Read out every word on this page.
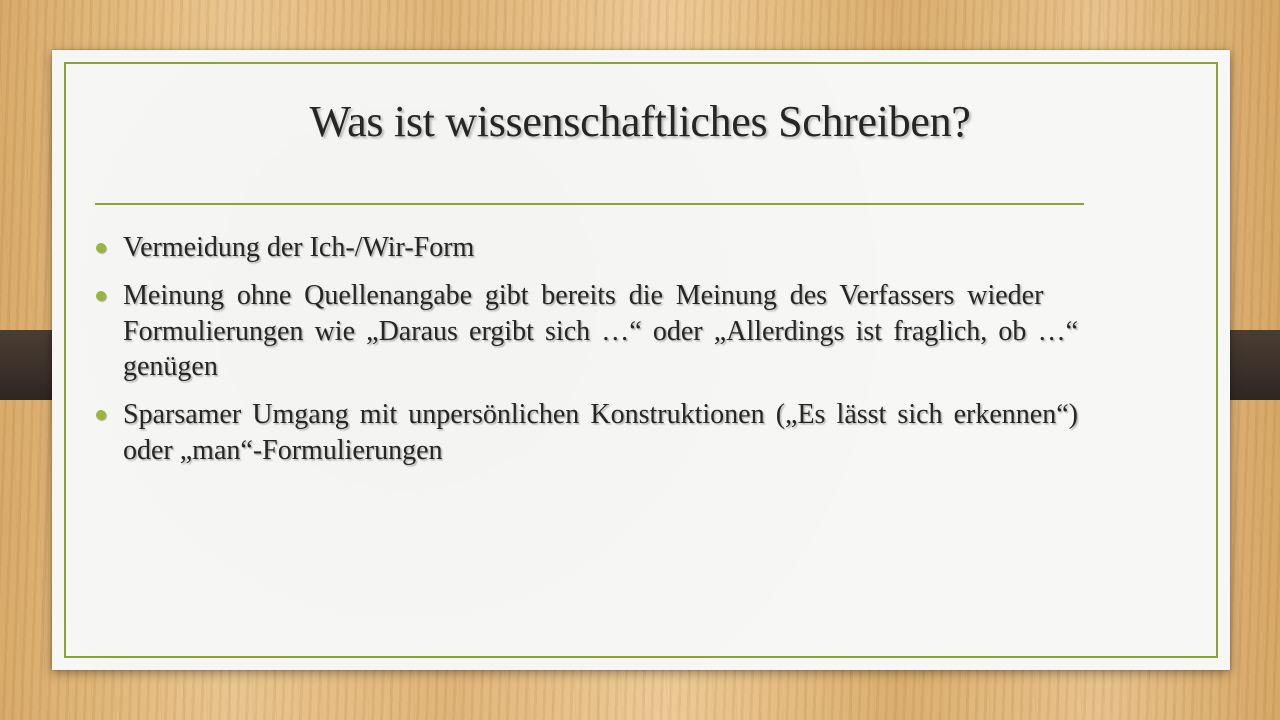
Was ist wissenschaftliches Schreiben?
Vermeidung der Ich-/Wir-Form
Meinung ohne Quellenangabe gibt bereits die Meinung des Verfassers wieder Formulierungen wie „Daraus ergibt sich …“ oder „Allerdings ist fraglich, ob …“ genügen
Sparsamer Umgang mit unpersönlichen Konstruktionen („Es lässt sich erkennen“) oder „man“-Formulierungen
